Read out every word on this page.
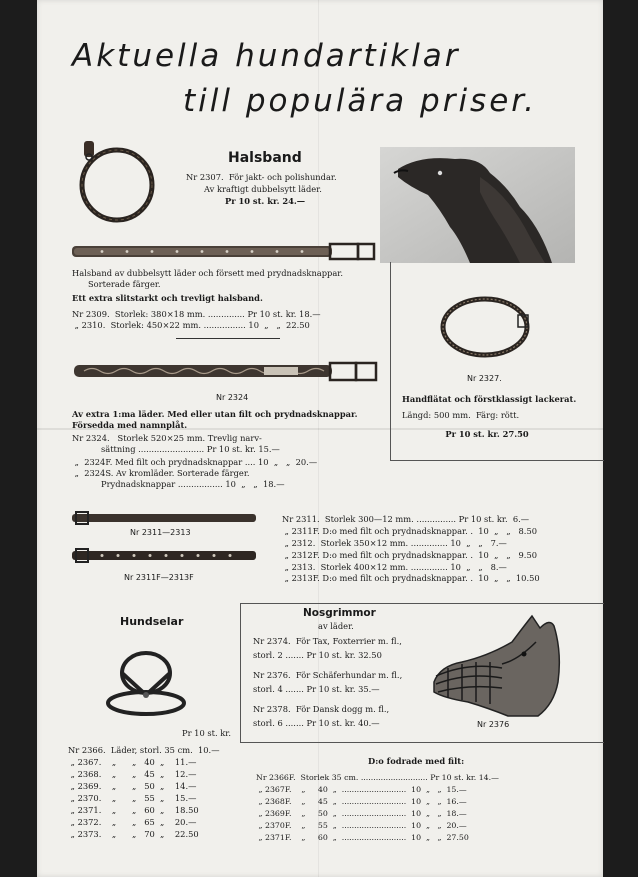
Aktuella hundartiklar
till populära priser.
Halsband
Nr 2307.  För jakt- och polishundar.
Av kraftigt dubbelsytt läder.
Pr 10 st. kr. 24.—
Halsband av dubbelsytt läder och försett med prydnadsknappar.
Sorterade färger.
Ett extra slitstarkt och trevligt halsband.
Nr 2309.  Storlek: 380×18 mm. .............. Pr 10 st. kr. 18.—
„ 2310.  Storlek: 450×22 mm. ................ 10  „   „  22.50
Nr 2324
Av extra 1:ma läder. Med eller utan filt och prydnadsknappar.
Försedda med namnplåt.
Nr 2324.   Storlek 520×25 mm. Trevlig narv-
sättning ......................... Pr 10 st. kr. 15.—
„  2324F. Med filt och prydnadsknappar .... 10  „   „  20.—
„  2324S. Av kromläder. Sorterade färger.
Prydnadsknappar ................. 10  „   „  18.—
Nr 2327.
Handflätat och förstklassigt lackerat.
Längd: 500 mm.  Färg: rött.
Pr 10 st. kr. 27.50
Nr 2311—2313
Nr 2311F—2313F
Nr 2311.  Storlek 300—12 mm. ............... Pr 10 st. kr.  6.—
„ 2311F. D:o med filt och prydnadsknappar. .  10  „   „   8.50
„ 2312.  Storlek 350×12 mm. .............. 10  „   „   7.—
„ 2312F. D:o med filt och prydnadsknappar. .  10  „   „   9.50
„ 2313.  Storlek 400×12 mm. .............. 10  „   „   8.—
„ 2313F. D:o med filt och prydnadsknappar. .  10  „   „  10.50
Hundselar
Pr 10 st. kr.
Nr 2366.  Läder, storl. 35 cm.  10.—
„ 2367.    „      „   40  „    11.—
„ 2368.    „      „   45  „    12.—
„ 2369.    „      „   50  „    14.—
„ 2370.    „      „   55  „    15.—
„ 2371.    „      „   60  „    18.50
„ 2372.    „      „   65  „    20.—
„ 2373.    „      „   70  „    22.50
Nosgrimmor
av läder.
Nr 2374.  För Tax, Foxterrier m. fl.,
storl. 2 ....... Pr 10 st. kr. 32.50
Nr 2376.  För Schäferhundar m. fl.,
storl. 4 ....... Pr 10 st. kr. 35.—
Nr 2378.  För Dansk dogg m. fl.,
storl. 6 ....... Pr 10 st. kr. 40.—	Nr 2376
D:o fodrade med filt:
Nr 2366F.  Storlek 35 cm. ........................... Pr 10 st. kr. 14.—
„ 2367F.    „     40  „  ..........................  10  „   „  15.—
„ 2368F.    „     45  „  ..........................  10  „   „  16.—
„ 2369F.    „     50  „  ..........................  10  „   „  18.—
„ 2370F.    „     55  „  ..........................  10  „   „  20.—
„ 2371F.    „     60  „  ..........................  10  „   „  27.50
